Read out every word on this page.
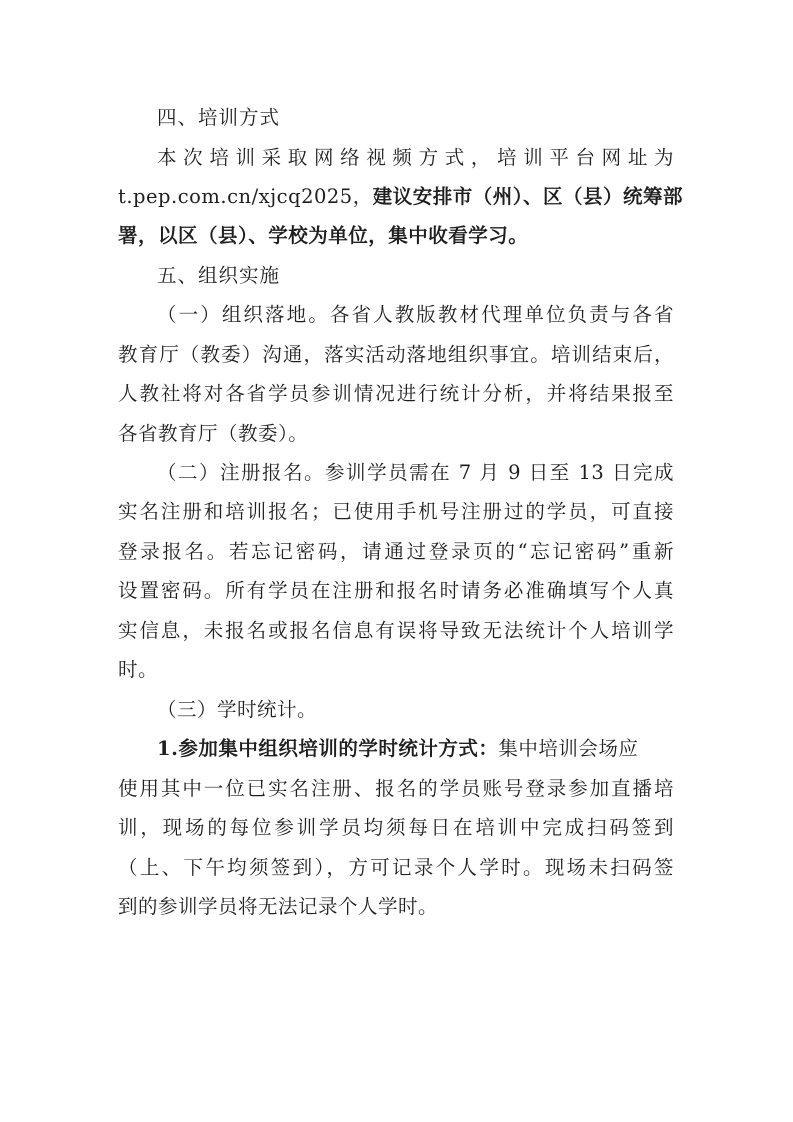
四、培训方式
本次培训采取网络视频方式，培训平台网址为
t.pep.com.cn/xjcq2025，建议安排市（州）、区（县）统筹部
署，以区（县）、学校为单位，集中收看学习。
五、组织实施
（一）组织落地。各省人教版教材代理单位负责与各省
教育厅（教委）沟通，落实活动落地组织事宜。培训结束后，
人教社将对各省学员参训情况进行统计分析，并将结果报至
各省教育厅（教委）。
（二）注册报名。参训学员需在 7 月 9 日至 13 日完成
实名注册和培训报名；已使用手机号注册过的学员，可直接
登录报名。若忘记密码，请通过登录页的“忘记密码”重新
设置密码。所有学员在注册和报名时请务必准确填写个人真
实信息，未报名或报名信息有误将导致无法统计个人培训学
时。
（三）学时统计。
1.参加集中组织培训的学时统计方式：集中培训会场应
使用其中一位已实名注册、报名的学员账号登录参加直播培
训，现场的每位参训学员均须每日在培训中完成扫码签到
（上、下午均须签到），方可记录个人学时。现场未扫码签
到的参训学员将无法记录个人学时。
